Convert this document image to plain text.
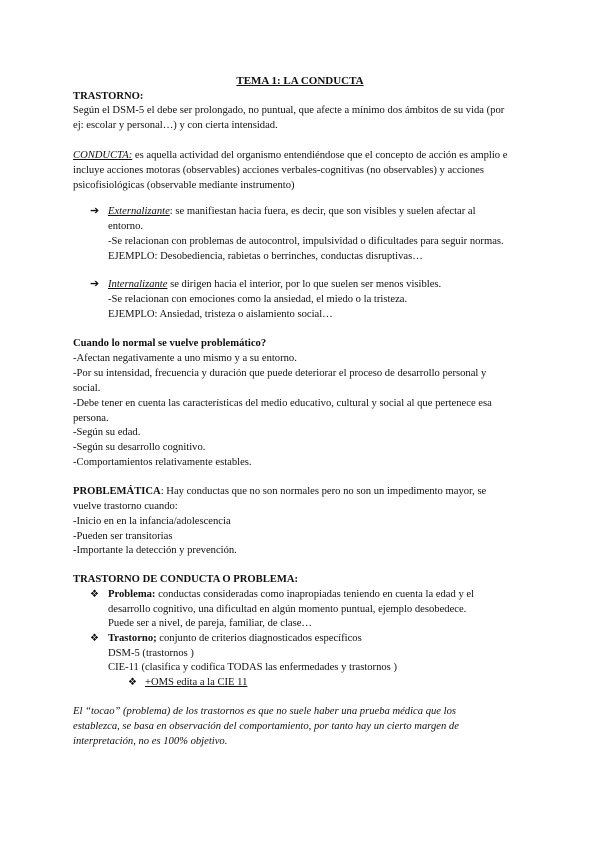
TEMA 1: LA CONDUCTA

TRASTORNO:

Según el DSM-5 el debe ser prolongado, no puntual, que afecte a mínimo dos ámbitos de su vida (por

ej: escolar y personal…) y con cierta intensidad.

CONDUCTA: es aquella actividad del organismo entendiéndose que el concepto de acción es amplio e

incluye acciones motoras (observables) acciones verbales-cognitivas (no observables) y acciones

psicofisiológicas (observable mediante instrumento)

➔ Externalizante: se manifiestan hacia fuera, es decir, que son visibles y suelen afectar al

entorno.

-Se relacionan con problemas de autocontrol, impulsividad o dificultades para seguir normas.

EJEMPLO: Desobediencia, rabietas o berrinches, conductas disruptivas…

➔ Internalizante se dirigen hacia el interior, por lo que suelen ser menos visibles.

-Se relacionan con emociones como la ansiedad, el miedo o la tristeza.

EJEMPLO: Ansiedad, tristeza o aislamiento social…

Cuando lo normal se vuelve problemático?

-Afectan negativamente a uno mismo y a su entorno.

-Por su intensidad, frecuencia y duración que puede deteriorar el proceso de desarrollo personal y

social.

-Debe tener en cuenta las características del medio educativo, cultural y social al que pertenece esa

persona.

-Según su edad.

-Según su desarrollo cognitivo.

-Comportamientos relativamente estables.

PROBLEMÁTICA: Hay conductas que no son normales pero no son un impedimento mayor, se

vuelve trastorno cuando:

-Inicio en en la infancia/adolescencia

-Pueden ser transitorias

-Importante la detección y prevención.

TRASTORNO DE CONDUCTA O PROBLEMA:

❖ Problema: conductas consideradas como inapropiadas teniendo en cuenta la edad y el

desarrollo cognitivo, una dificultad en algún momento puntual, ejemplo desobedece.

Puede ser a nivel, de pareja, familiar, de clase…

❖ Trastorno; conjunto de criterios diagnosticados específicos

DSM-5 (trastornos )

CIE-11 (clasifica y codifica TODAS las enfermedades y trastornos )

❖ +OMS edita a la CIE 11

El “tocao” (problema) de los trastornos es que no suele haber una prueba médica que los

establezca, se basa en observación del comportamiento, por tanto hay un cierto margen de

interpretación, no es 100% objetivo.
